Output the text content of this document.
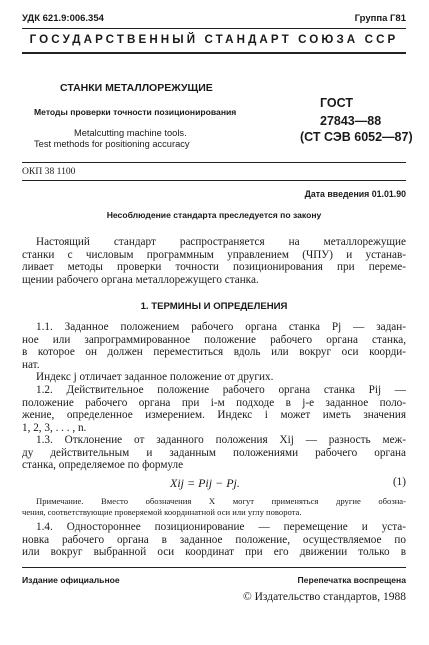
УДК 621.9:006.354	Группа Г81
ГОСУДАРСТВЕННЫЙ СТАНДАРТ СОЮЗА ССР
СТАНКИ МЕТАЛЛОРЕЖУЩИЕ
Методы проверки точности позиционирования
Metalcutting machine tools.
Test methods for positioning accuracy
ГОСТ
27843—88
(СТ СЭВ 6052—87)
ОКП 38 1100
Дата введения 01.01.90
Несоблюдение стандарта преследуется по закону
Настоящий стандарт распространяется на металлорежущие
станки с числовым программным управлением (ЧПУ) и устанав-
ливает методы проверки точности позиционирования при переме-
щении рабочего органа металлорежущего станка.
1. ТЕРМИНЫ И ОПРЕДЕЛЕНИЯ
1.1. Заданное положением рабочего органа станка Pj — задан-
ное или запрограммированное положение рабочего органа станка,
в которое он должен переместиться вдоль или вокруг оси коорди-
нат.
Индекс j отличает заданное положение от других.
1.2. Действительное положение рабочего органа станка Pij —
положение рабочего органа при i-м подходе в j-е заданное поло-
жение, определенное измерением. Индекс i может иметь значения
1, 2, 3, . . . , n.
1.3. Отклонение от заданного положения Xij — разность меж-
ду действительным и заданным положениями рабочего органа
станка, определяемое по формуле
Xij = Pij − Pj.	(1)
Примечание. Вместо обозначения X могут применяться другие обозна-
чения, соответствующие проверяемой координатной оси или углу поворота.
1.4. Одностороннее позиционирование — перемещение и уста-
новка рабочего органа в заданное положение, осуществляемое по
или вокруг выбранной оси координат при его движении только в
Издание официальное	Перепечатка воспрещена
© Издательство стандартов, 1988
